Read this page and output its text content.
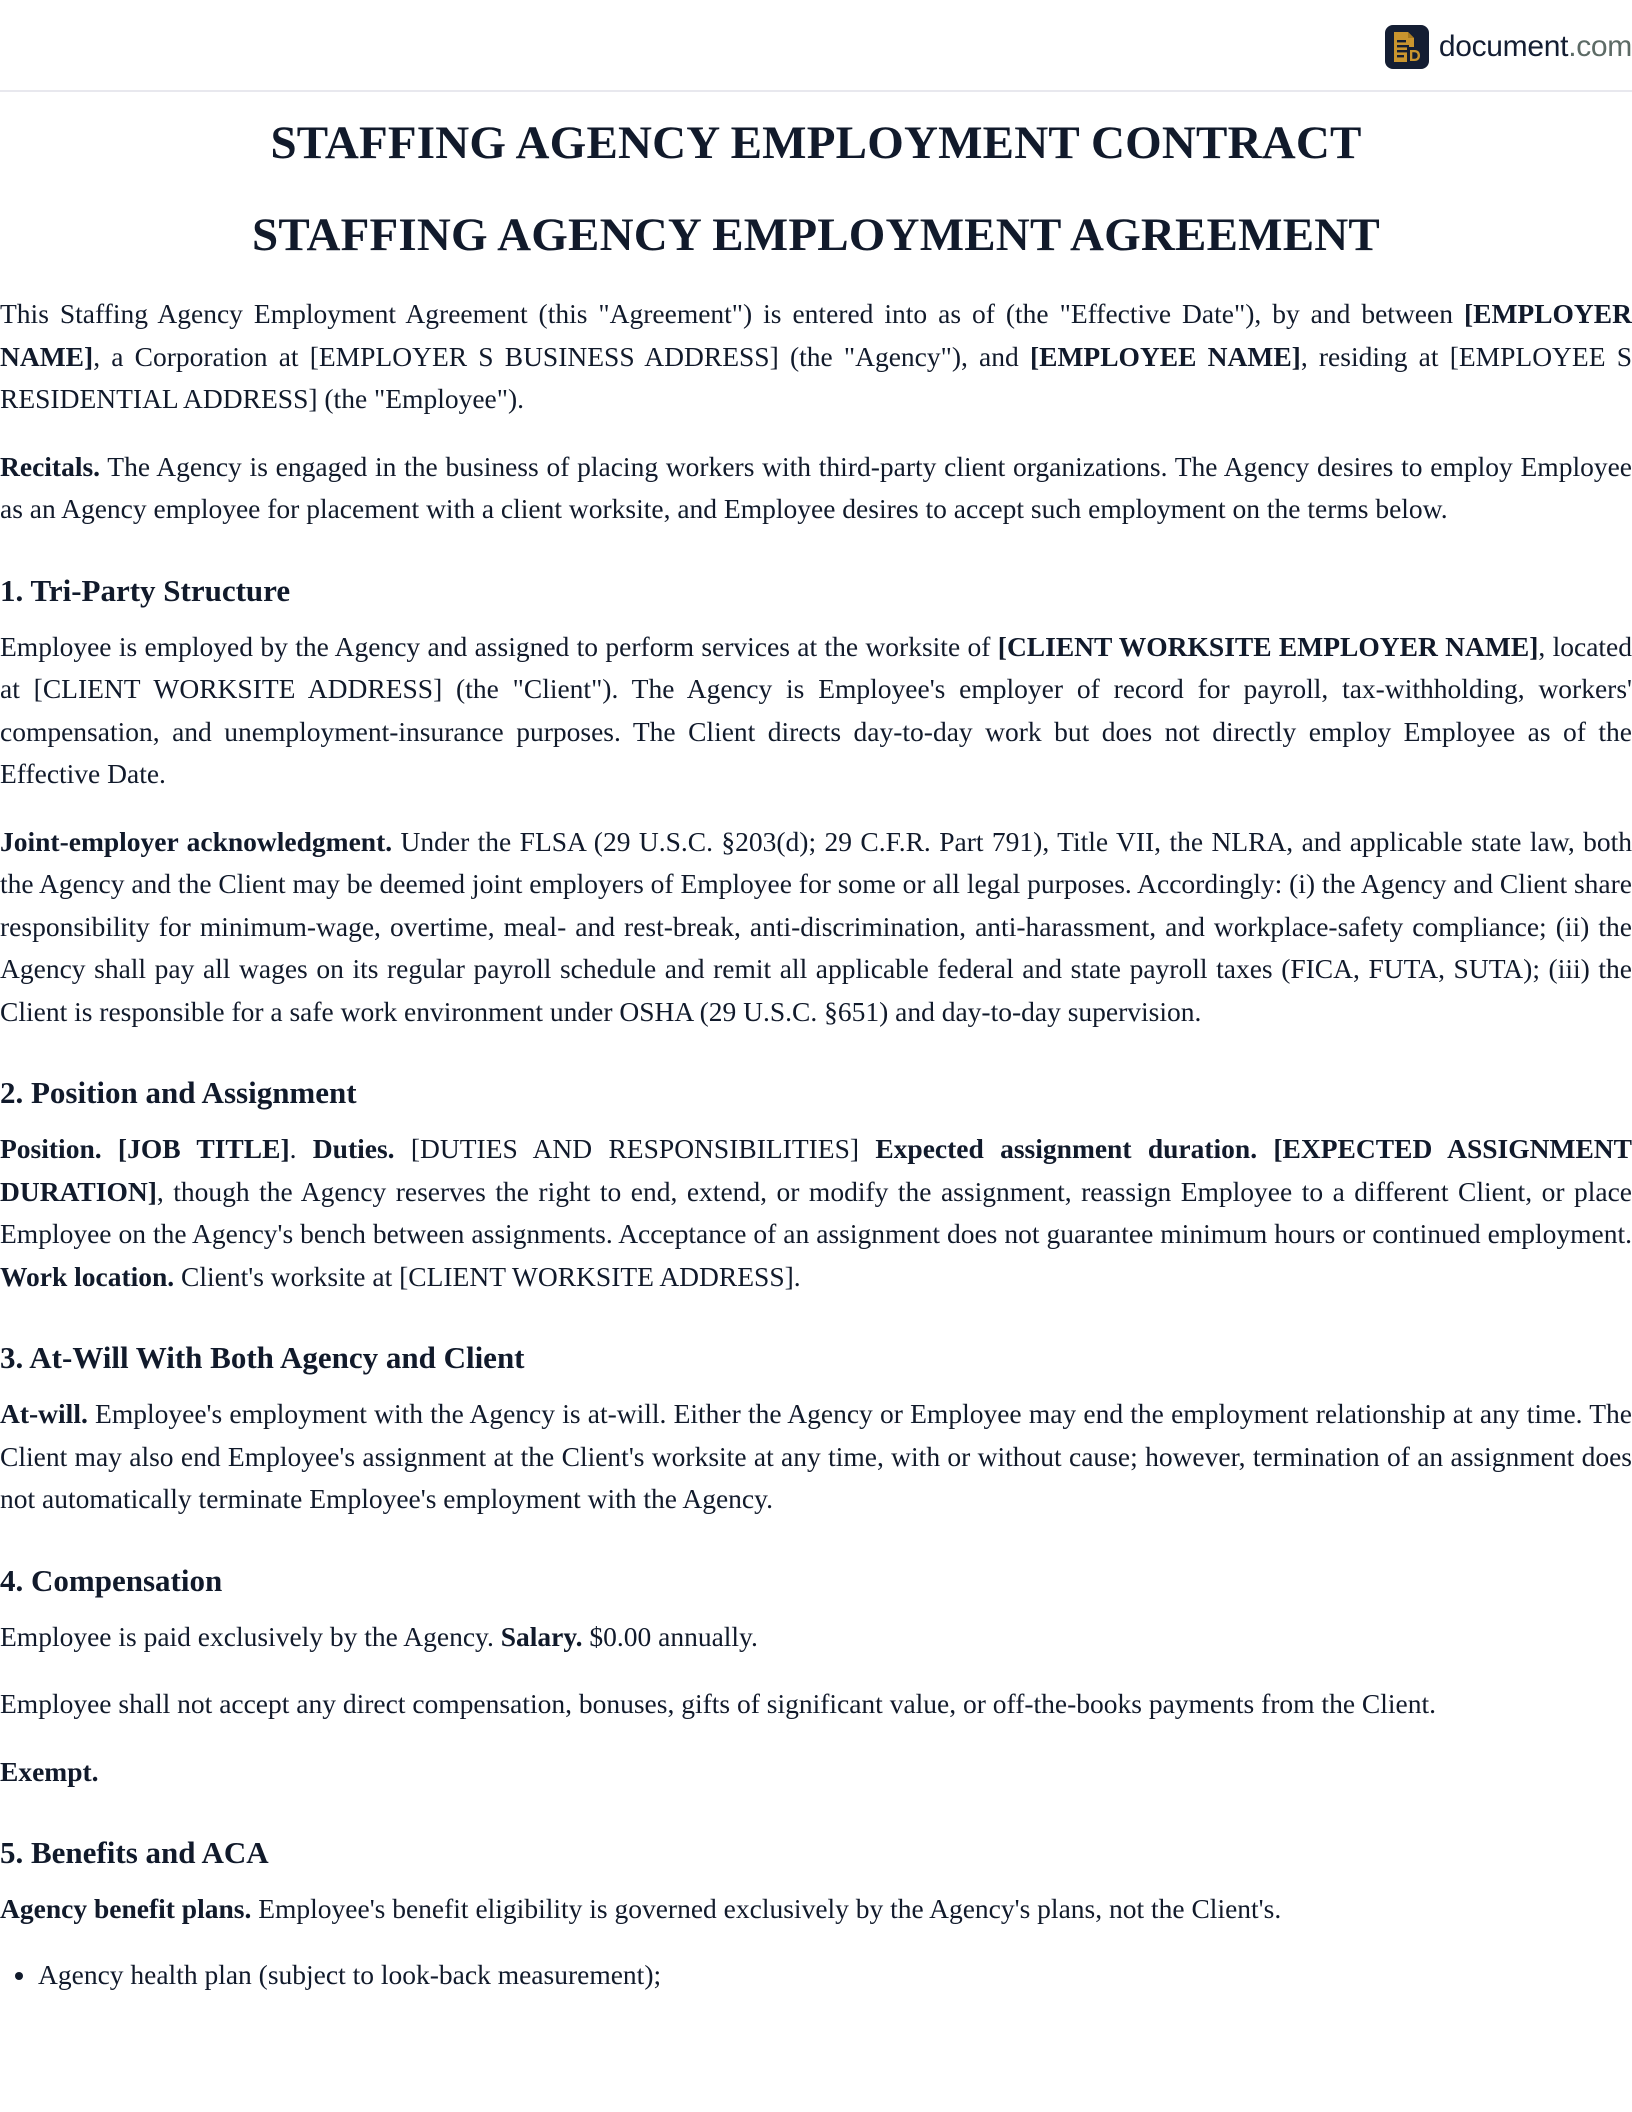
document.com
STAFFING AGENCY EMPLOYMENT CONTRACT
STAFFING AGENCY EMPLOYMENT AGREEMENT

This Staffing Agency Employment Agreement (this "Agreement") is entered into as of (the "Effective Date"), by and between [EMPLOYER NAME], a Corporation at [EMPLOYER S BUSINESS ADDRESS] (the "Agency"), and [EMPLOYEE NAME], residing at [EMPLOYEE S RESIDENTIAL ADDRESS] (the "Employee").

Recitals. The Agency is engaged in the business of placing workers with third-party client organizations. The Agency desires to employ Employee as an Agency employee for placement with a client worksite, and Employee desires to accept such employment on the terms below.

1. Tri-Party Structure

Employee is employed by the Agency and assigned to perform services at the worksite of [CLIENT WORKSITE EMPLOYER NAME], located at [CLIENT WORKSITE ADDRESS] (the "Client"). The Agency is Employee's employer of record for payroll, tax-withholding, workers' compensation, and unemployment-insurance purposes. The Client directs day-to-day work but does not directly employ Employee as of the Effective Date.

Joint-employer acknowledgment. Under the FLSA (29 U.S.C. §203(d); 29 C.F.R. Part 791), Title VII, the NLRA, and applicable state law, both the Agency and the Client may be deemed joint employers of Employee for some or all legal purposes. Accordingly: (i) the Agency and Client share responsibility for minimum-wage, overtime, meal- and rest-break, anti-discrimination, anti-harassment, and workplace-safety compliance; (ii) the Agency shall pay all wages on its regular payroll schedule and remit all applicable federal and state payroll taxes (FICA, FUTA, SUTA); (iii) the Client is responsible for a safe work environment under OSHA (29 U.S.C. §651) and day-to-day supervision.

2. Position and Assignment

Position. [JOB TITLE]. Duties. [DUTIES AND RESPONSIBILITIES] Expected assignment duration. [EXPECTED ASSIGNMENT DURATION], though the Agency reserves the right to end, extend, or modify the assignment, reassign Employee to a different Client, or place Employee on the Agency's bench between assignments. Acceptance of an assignment does not guarantee minimum hours or continued employment. Work location. Client's worksite at [CLIENT WORKSITE ADDRESS].

3. At-Will With Both Agency and Client

At-will. Employee's employment with the Agency is at-will. Either the Agency or Employee may end the employment relationship at any time. The Client may also end Employee's assignment at the Client's worksite at any time, with or without cause; however, termination of an assignment does not automatically terminate Employee's employment with the Agency.

4. Compensation

Employee is paid exclusively by the Agency. Salary. $0.00 annually.

Employee shall not accept any direct compensation, bonuses, gifts of significant value, or off-the-books payments from the Client.

Exempt.

5. Benefits and ACA

Agency benefit plans. Employee's benefit eligibility is governed exclusively by the Agency's plans, not the Client's.

• Agency health plan (subject to look-back measurement);
